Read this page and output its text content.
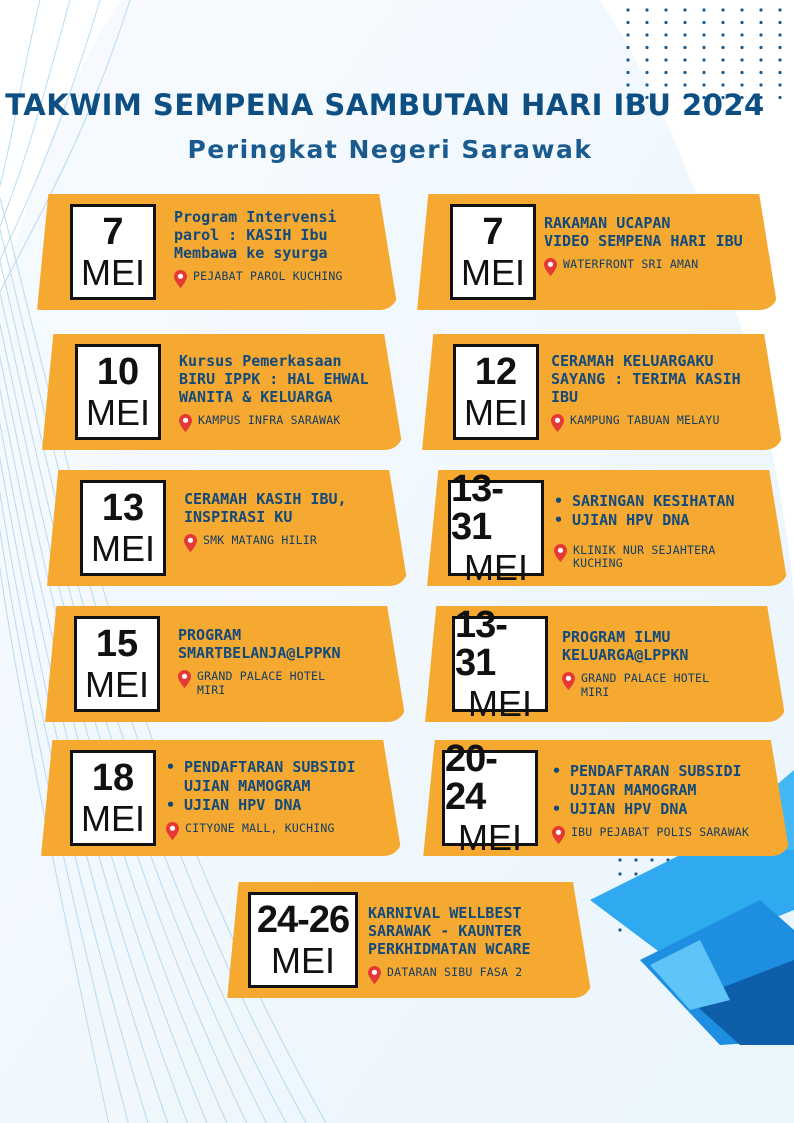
TAKWIM SEMPENA SAMBUTAN HARI IBU 2024
Peringkat Negeri Sarawak
7
MEI
Program Intervensi
parol : KASIH Ibu
Membawa ke syurga
PEJABAT PAROL KUCHING
7
MEI
RAKAMAN UCAPAN
VIDEO SEMPENA HARI IBU
WATERFRONT SRI AMAN
10
MEI
Kursus Pemerkasaan
BIRU IPPK : HAL EHWAL
WANITA & KELUARGA
KAMPUS INFRA SARAWAK
12
MEI
CERAMAH KELUARGAKU
SAYANG : TERIMA KASIH
IBU
KAMPUNG TABUAN MELAYU
13
MEI
CERAMAH KASIH IBU,
INSPIRASI KU
SMK MATANG HILIR
13-31
MEI
• SARINGAN KESIHATAN
• UJIAN HPV DNA
KLINIK NUR SEJAHTERA
KUCHING
15
MEI
PROGRAM
SMARTBELANJA@LPPKN
GRAND PALACE HOTEL
MIRI
13-31
MEI
PROGRAM ILMU
KELUARGA@LPPKN
GRAND PALACE HOTEL
MIRI
18
MEI
• PENDAFTARAN SUBSIDI UJIAN MAMOGRAM
• UJIAN HPV DNA
CITYONE MALL, KUCHING
20-24
MEI
• PENDAFTARAN SUBSIDI UJIAN MAMOGRAM
• UJIAN HPV DNA
IBU PEJABAT POLIS SARAWAK
24-26
MEI
KARNIVAL WELLBEST
SARAWAK - KAUNTER
PERKHIDMATAN WCARE
DATARAN SIBU FASA 2
